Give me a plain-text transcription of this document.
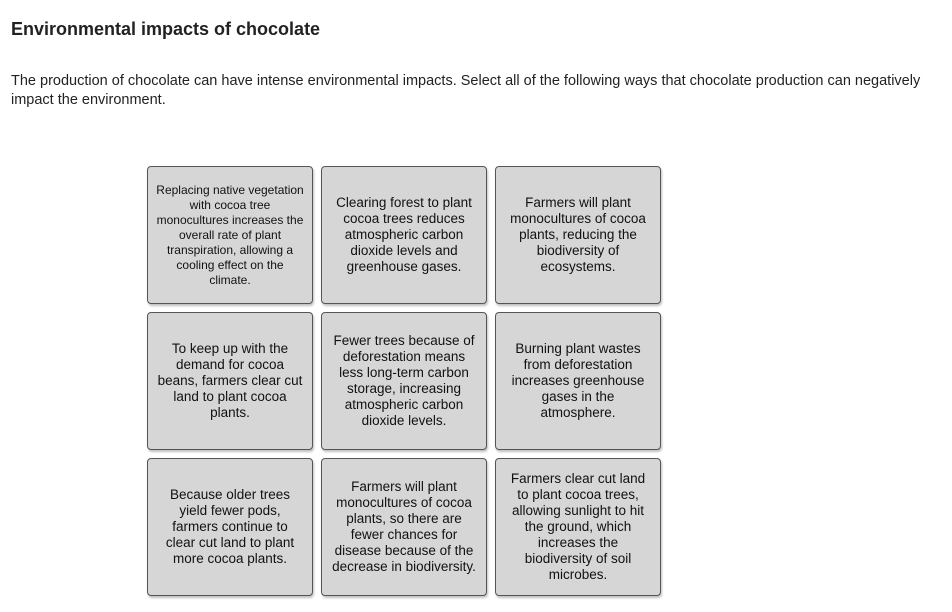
Environmental impacts of chocolate

The production of chocolate can have intense environmental impacts. Select all of the following ways that chocolate production can negatively impact the environment.

Replacing native vegetation with cocoa tree monocultures increases the overall rate of plant transpiration, allowing a cooling effect on the climate.
Clearing forest to plant cocoa trees reduces atmospheric carbon dioxide levels and greenhouse gases.
Farmers will plant monocultures of cocoa plants, reducing the biodiversity of ecosystems.
To keep up with the demand for cocoa beans, farmers clear cut land to plant cocoa plants.
Fewer trees because of deforestation means less long-term carbon storage, increasing atmospheric carbon dioxide levels.
Burning plant wastes from deforestation increases greenhouse gases in the atmosphere.
Because older trees yield fewer pods, farmers continue to clear cut land to plant more cocoa plants.
Farmers will plant monocultures of cocoa plants, so there are fewer chances for disease because of the decrease in biodiversity.
Farmers clear cut land to plant cocoa trees, allowing sunlight to hit the ground, which increases the biodiversity of soil microbes.
